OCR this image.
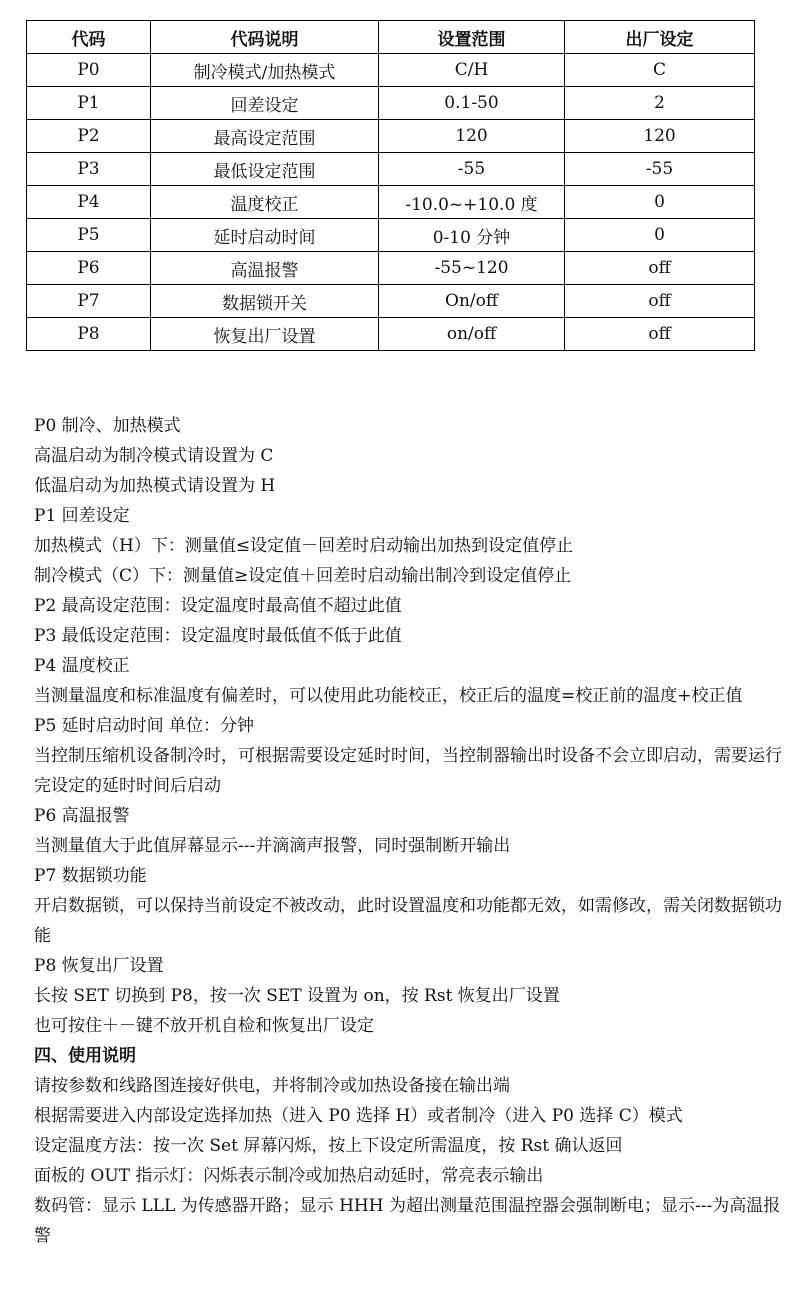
代码	代码说明	设置范围	出厂设定
P0	制冷模式/加热模式	C/H	C
P1	回差设定	0.1-50	2
P2	最高设定范围	120	120
P3	最低设定范围	-55	-55
P4	温度校正	-10.0~+10.0 度	0
P5	延时启动时间	0-10 分钟	0
P6	高温报警	-55~120	off
P7	数据锁开关	On/off	off
P8	恢复出厂设置	on/off	off

P0 制冷、加热模式

高温启动为制冷模式请设置为 C

低温启动为加热模式请设置为 H

P1 回差设定

加热模式（H）下：测量值≤设定值－回差时启动输出加热到设定值停止

制冷模式（C）下：测量值≥设定值＋回差时启动输出制冷到设定值停止

P2 最高设定范围：设定温度时最高值不超过此值

P3 最低设定范围：设定温度时最低值不低于此值

P4 温度校正

当测量温度和标准温度有偏差时，可以使用此功能校正，校正后的温度=校正前的温度+校正值

P5 延时启动时间 单位：分钟

当控制压缩机设备制冷时，可根据需要设定延时时间，当控制器输出时设备不会立即启动，需要运行完设定的延时时间后启动

P6 高温报警

当测量值大于此值屏幕显示---并滴滴声报警，同时强制断开输出

P7 数据锁功能

开启数据锁，可以保持当前设定不被改动，此时设置温度和功能都无效，如需修改，需关闭数据锁功能

P8 恢复出厂设置

长按 SET 切换到 P8，按一次 SET 设置为 on，按 Rst 恢复出厂设置

也可按住＋－键不放开机自检和恢复出厂设定

四、使用说明

请按参数和线路图连接好供电，并将制冷或加热设备接在输出端

根据需要进入内部设定选择加热（进入 P0 选择 H）或者制冷（进入 P0 选择 C）模式

设定温度方法：按一次 Set 屏幕闪烁，按上下设定所需温度，按 Rst 确认返回

面板的 OUT 指示灯：闪烁表示制冷或加热启动延时，常亮表示输出

数码管：显示 LLL 为传感器开路；显示 HHH 为超出测量范围温控器会强制断电；显示---为高温报警
